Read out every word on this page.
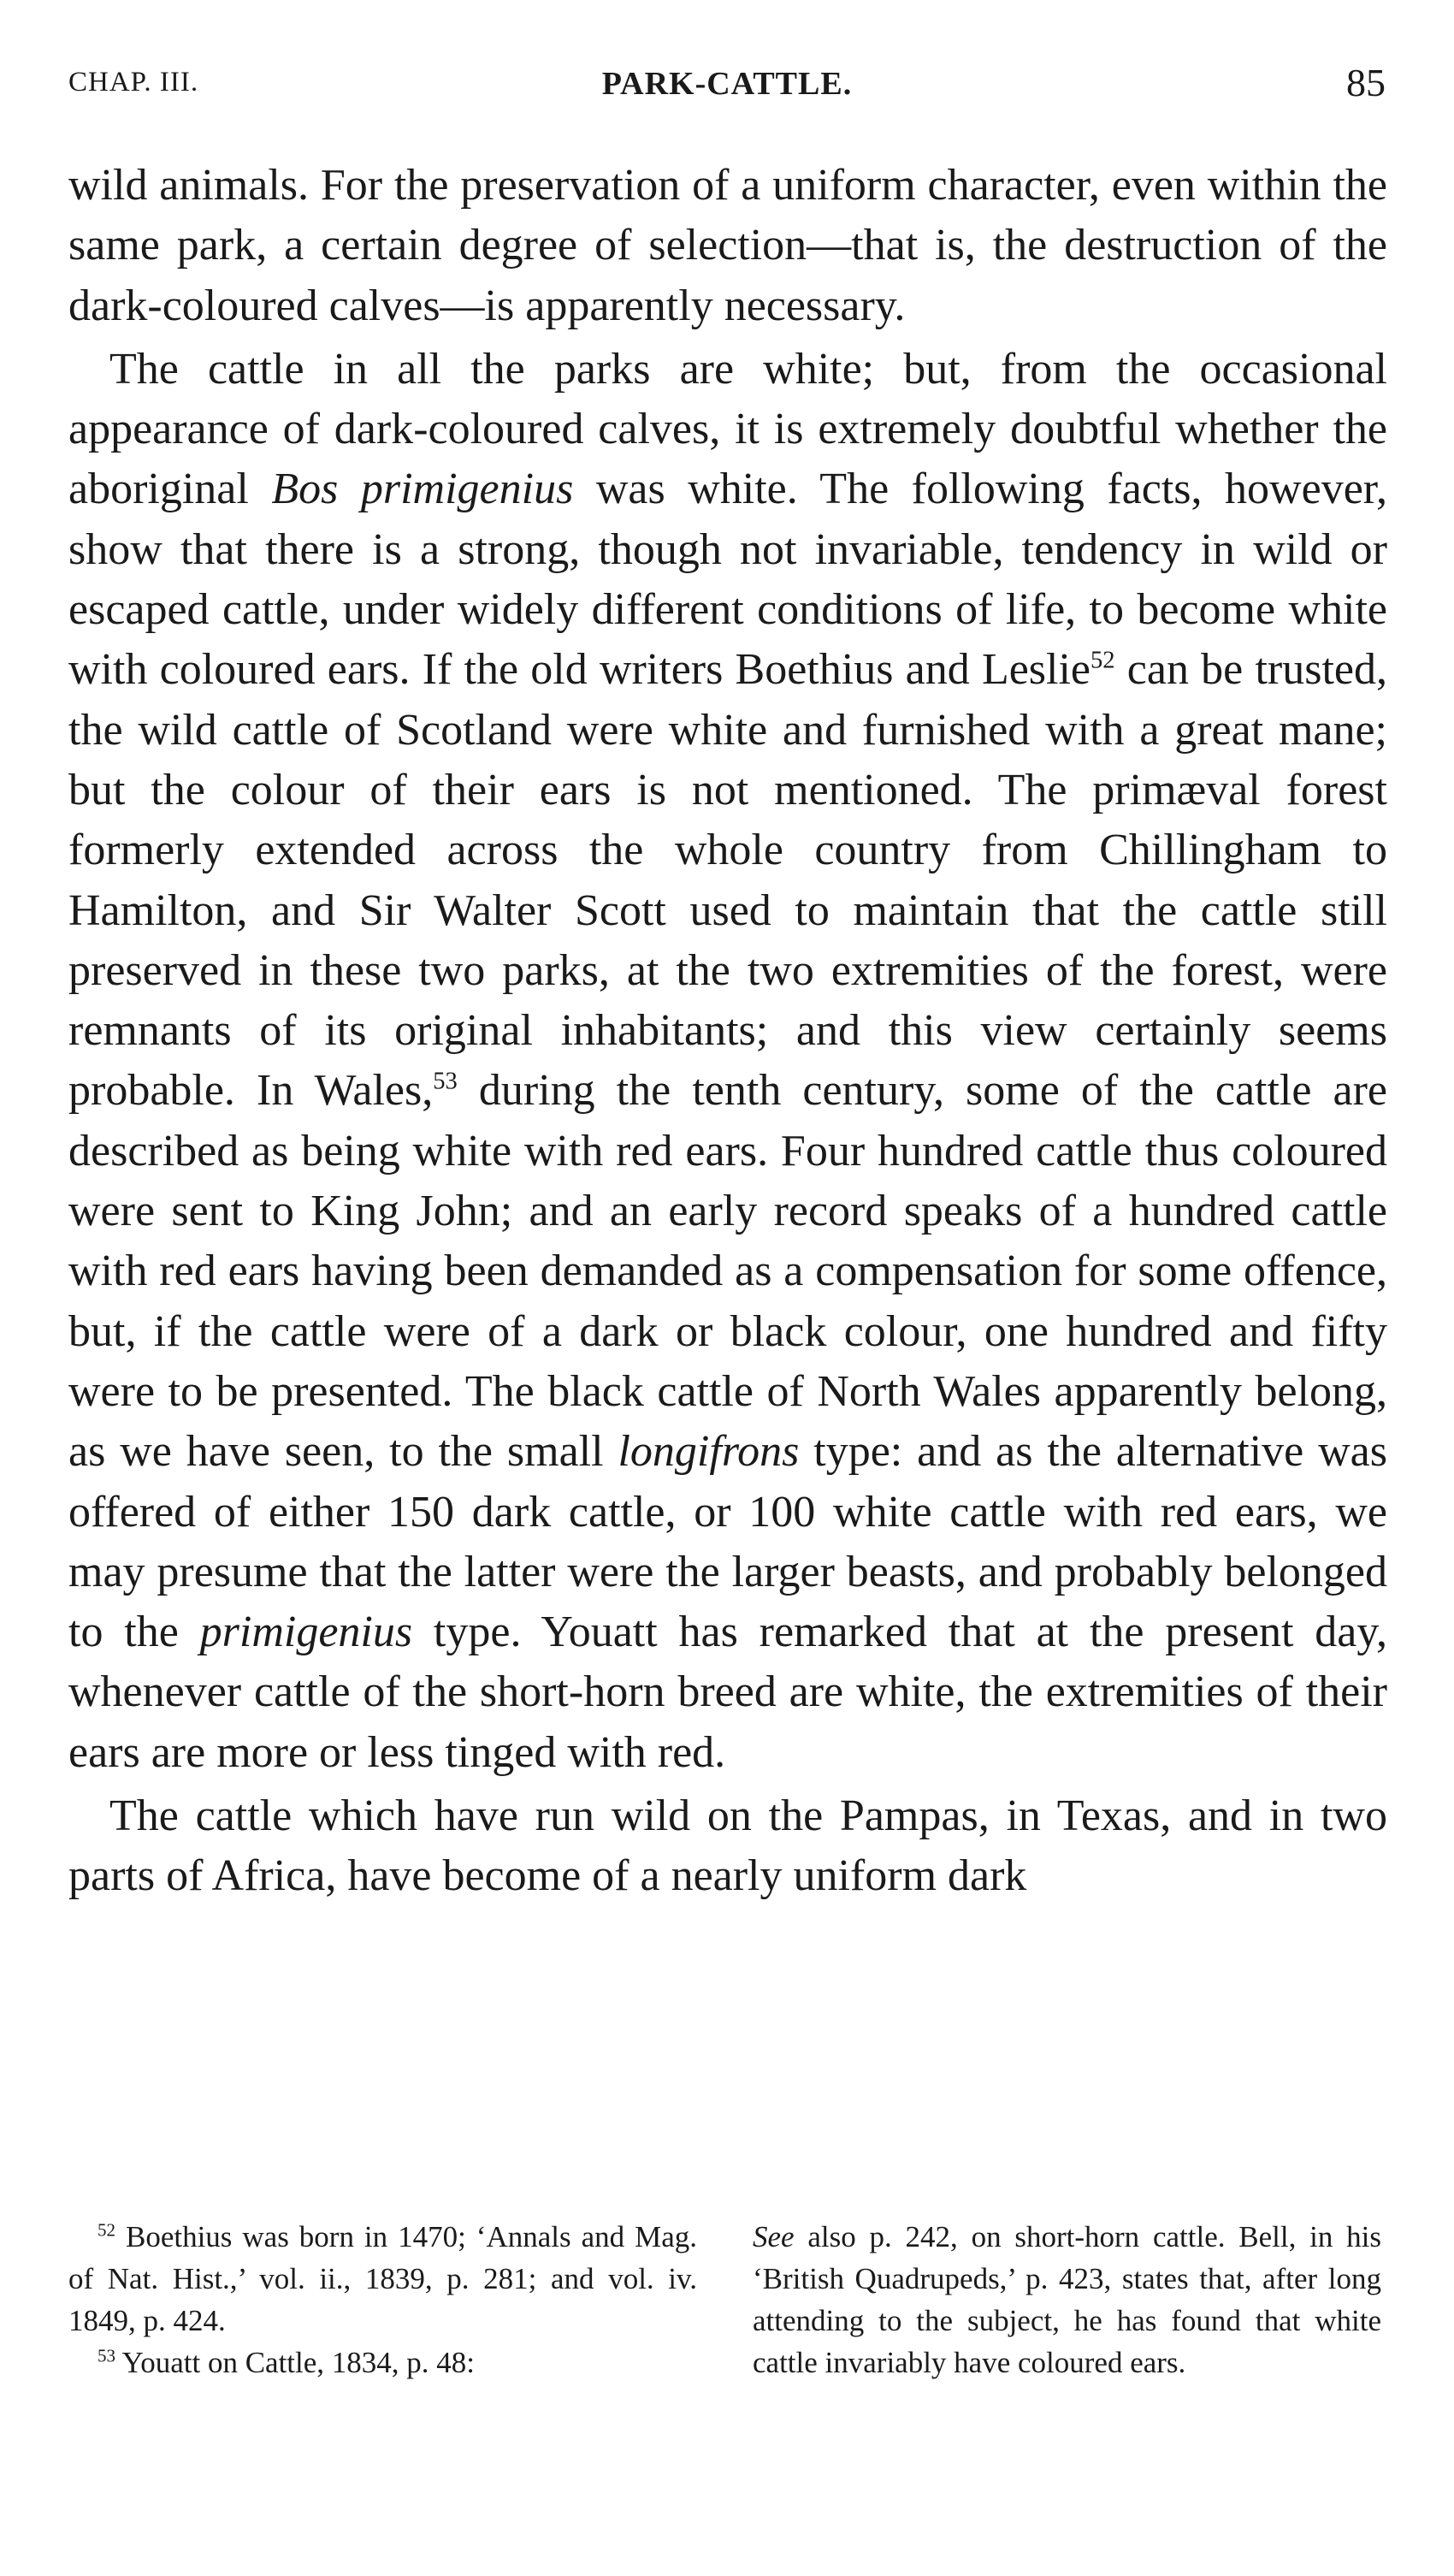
CHAP. III.	PARK-CATTLE.	85

wild animals. For the preservation of a uniform character, even within the same park, a certain degree of selection—that is, the destruction of the dark-coloured calves—is apparently necessary.

The cattle in all the parks are white; but, from the occasional appearance of dark-coloured calves, it is extremely doubtful whether the aboriginal Bos primigenius was white. The following facts, however, show that there is a strong, though not invariable, tendency in wild or escaped cattle, under widely different conditions of life, to become white with coloured ears. If the old writers Boethius and Leslie$^{52}$ can be trusted, the wild cattle of Scotland were white and furnished with a great mane; but the colour of their ears is not mentioned. The primæval forest formerly extended across the whole country from Chillingham to Hamilton, and Sir Walter Scott used to maintain that the cattle still preserved in these two parks, at the two extremities of the forest, were remnants of its original inhabitants; and this view certainly seems probable. In Wales,$^{53}$ during the tenth century, some of the cattle are described as being white with red ears. Four hundred cattle thus coloured were sent to King John; and an early record speaks of a hundred cattle with red ears having been demanded as a compensation for some offence, but, if the cattle were of a dark or black colour, one hundred and fifty were to be presented. The black cattle of North Wales apparently belong, as we have seen, to the small longifrons type: and as the alternative was offered of either 150 dark cattle, or 100 white cattle with red ears, we may presume that the latter were the larger beasts, and probably belonged to the primigenius type. Youatt has remarked that at the present day, whenever cattle of the short-horn breed are white, the extremities of their ears are more or less tinged with red.

The cattle which have run wild on the Pampas, in Texas, and in two parts of Africa, have become of a nearly uniform dark

$^{52}$ Boethius was born in 1470; ‘Annals and Mag. of Nat. Hist.,’ vol. ii., 1839, p. 281; and vol. iv. 1849, p. 424.

$^{53}$ Youatt on Cattle, 1834, p. 48:

See also p. 242, on short-horn cattle. Bell, in his ‘British Quadrupeds,’ p. 423, states that, after long attending to the subject, he has found that white cattle invariably have coloured ears.
